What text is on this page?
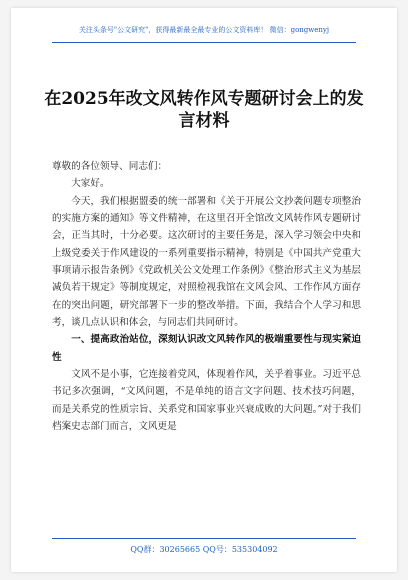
关注头条号"公文研究"，获得最新最全最专业的公文资料库！ 微信：gongwenyj
在2025年改文风转作风专题研讨会上的发言材料

尊敬的各位领导、同志们：

大家好。

今天，我们根据盟委的统一部署和《关于开展公文抄袭问题专项整治的实施方案的通知》等文件精神，在这里召开全馆改文风转作风专题研讨会，正当其时，十分必要。这次研讨的主要任务是，深入学习领会中央和上级党委关于作风建设的一系列重要指示精神，特别是《中国共产党重大事项请示报告条例》《党政机关公文处理工作条例》《整治形式主义为基层减负若干规定》等制度规定，对照检视我馆在文风会风、工作作风方面存在的突出问题，研究部署下一步的整改举措。下面，我结合个人学习和思考，谈几点认识和体会，与同志们共同研讨。

一、提高政治站位，深刻认识改文风转作风的极端重要性与现实紧迫性

文风不是小事，它连接着党风，体现着作风，关乎着事业。习近平总书记多次强调，“文风问题，不是单纯的语言文字问题、技术技巧问题，而是关系党的性质宗旨、关系党和国家事业兴衰成败的大问题。”对于我们档案史志部门而言，文风更是

QQ群：30265665 QQ号：535304092
